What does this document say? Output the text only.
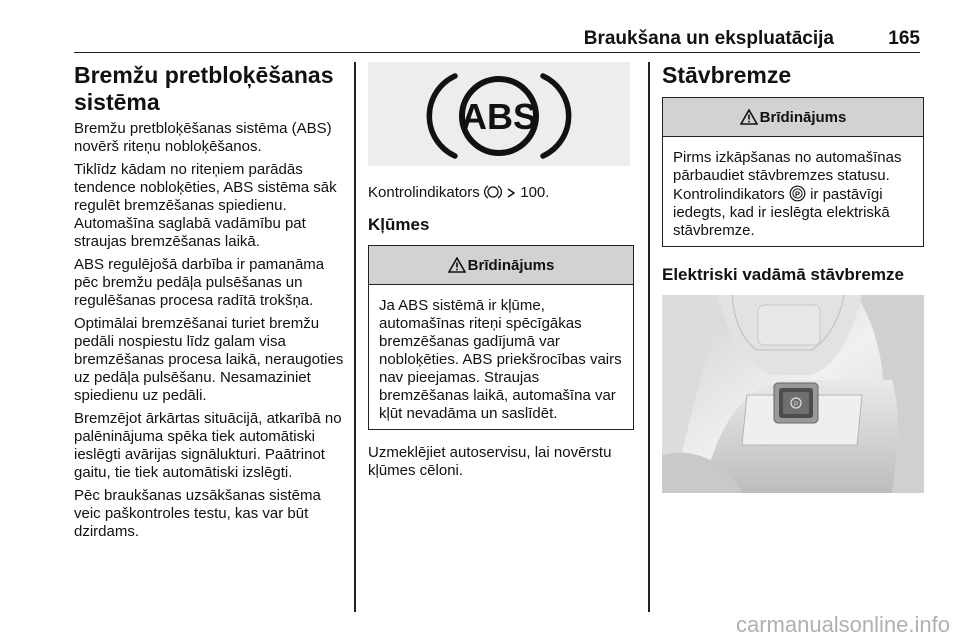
Braukšana un ekspluatācija	165
Bremžu pretbloķēšanas sistēma

Bremžu pretbloķēšanas sistēma (ABS) novērš riteņu nobloķēšanos.

Tiklīdz kādam no riteņiem parādās tendence nobloķēties, ABS sistēma sāk regulēt bremzēšanas spiedienu. Automašīna saglabā vadāmību pat straujas bremzēšanas laikā.

ABS regulējošā darbība ir pamanāma pēc bremžu pedāļa pulsēšanas un regulēšanas procesa radītā trokšņa.

Optimālai bremzēšanai turiet bremžu pedāli nospiestu līdz galam visa bremzēšanas procesa laikā, neraugoties uz pedāļa pulsēšanu. Nesamaziniet spiedienu uz pedāli.

Bremzējot ārkārtas situācijā, atkarībā no palēninājuma spēka tiek automātiski ieslēgti avārijas signālukturi. Paātrinot gaitu, tie tiek automātiski izslēgti.

Pēc braukšanas uzsākšanas sistēma veic paškontroles testu, kas var būt dzirdams.

ABS

Kontrolindikators	100.

Kļūmes
Brīdinājums

Ja ABS sistēmā ir kļūme, automašīnas riteņi spēcīgākas bremzēšanas gadījumā var nobloķēties. ABS priekšrocības vairs nav pieejamas. Straujas bremzēšanas laikā, automašīna var kļūt nevadāma un saslīdēt.

Uzmeklējiet autoservisu, lai novērstu kļūmes cēloni.

Stāvbremze
Brīdinājums

Pirms izkāpšanas no automašīnas pārbaudiet stāvbremzes statusu.

Kontrolindikators P ir pastāvīgi iedegts, kad ir ieslēgta elektriskā stāvbremze.

Elektriski vadāmā stāvbremze
P
carmanualsonline.info
